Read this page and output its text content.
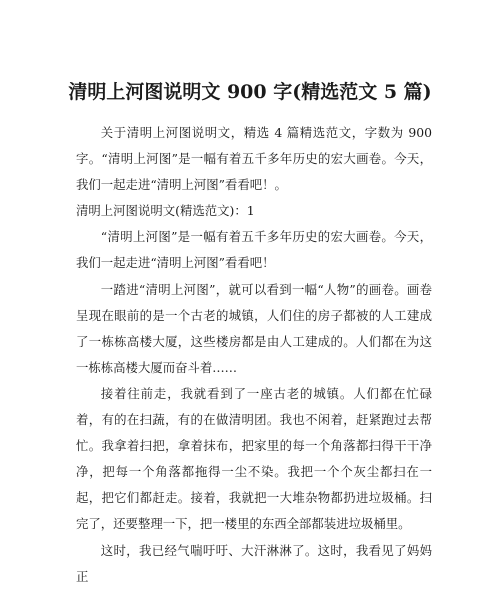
清明上河图说明文 900 字(精选范文 5 篇)

关于清明上河图说明文，精选 4 篇精选范文，字数为 900 字。“清明上河图”是一幅有着五千多年历史的宏大画卷。今天，我们一起走进“清明上河图”看看吧！。

清明上河图说明文(精选范文)：1

“清明上河图”是一幅有着五千多年历史的宏大画卷。今天，我们一起走进“清明上河图”看看吧！

一踏进“清明上河图”，就可以看到一幅“人物”的画卷。画卷呈现在眼前的是一个古老的城镇，人们住的房子都被的人工建成了一栋栋高楼大厦，这些楼房都是由人工建成的。人们都在为这一栋栋高楼大厦而奋斗着……

接着往前走，我就看到了一座古老的城镇。人们都在忙碌着，有的在扫蔬，有的在做清明团。我也不闲着，赶紧跑过去帮忙。我拿着扫把，拿着抹布，把家里的每一个角落都扫得干干净净，把每一个角落都拖得一尘不染。我把一个个灰尘都扫在一起，把它们都赶走。接着，我就把一大堆杂物都扔进垃圾桶。扫完了，还要整理一下，把一楼里的东西全部都装进垃圾桶里。

这时，我已经气喘吁吁、大汗淋淋了。这时，我看见了妈妈正
